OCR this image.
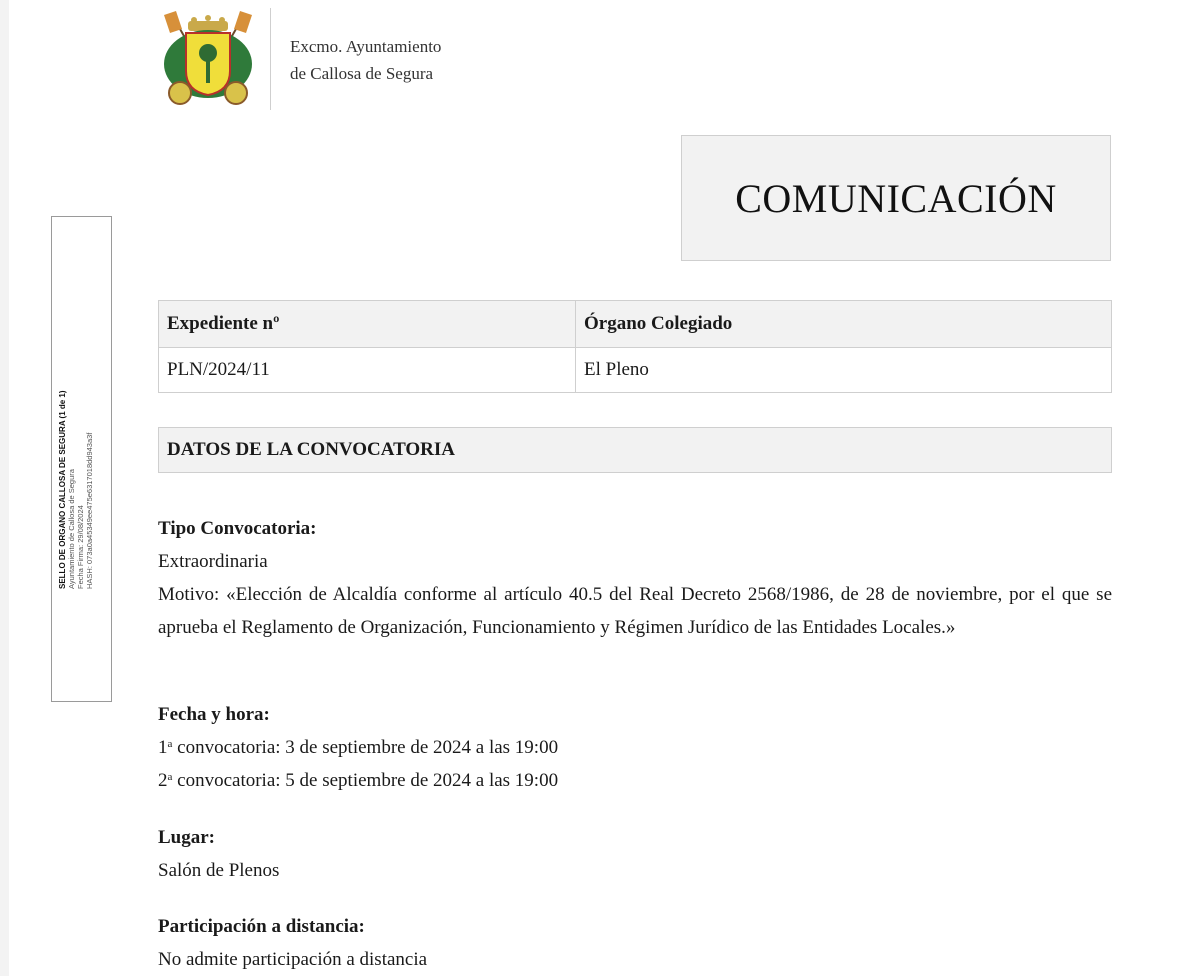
Excmo. Ayuntamiento
de Callosa de Segura
COMUNICACIÓN
SELLO DE ORGANO CALLOSA DE SEGURA (1 de 1) Ayuntamiento de Callosa de Segura Fecha Firma: 29/08/2024 HASH: 073a0a45349ee475e6317018dd943a3f
Expediente nº	Órgano Colegiado
PLN/2024/11	El Pleno
DATOS DE LA CONVOCATORIA
Tipo Convocatoria:
Extraordinaria
Motivo: «Elección de Alcaldía conforme al artículo 40.5 del Real Decreto 2568/1986, de 28 de noviembre, por el que se aprueba el Reglamento de Organización, Funcionamiento y Régimen Jurídico de las Entidades Locales.»
Fecha y hora:
1$^a$ convocatoria: 3 de septiembre de 2024 a las 19:00
2$^a$ convocatoria: 5 de septiembre de 2024 a las 19:00
Lugar:
Salón de Plenos
Participación a distancia:
No admite participación a distancia
